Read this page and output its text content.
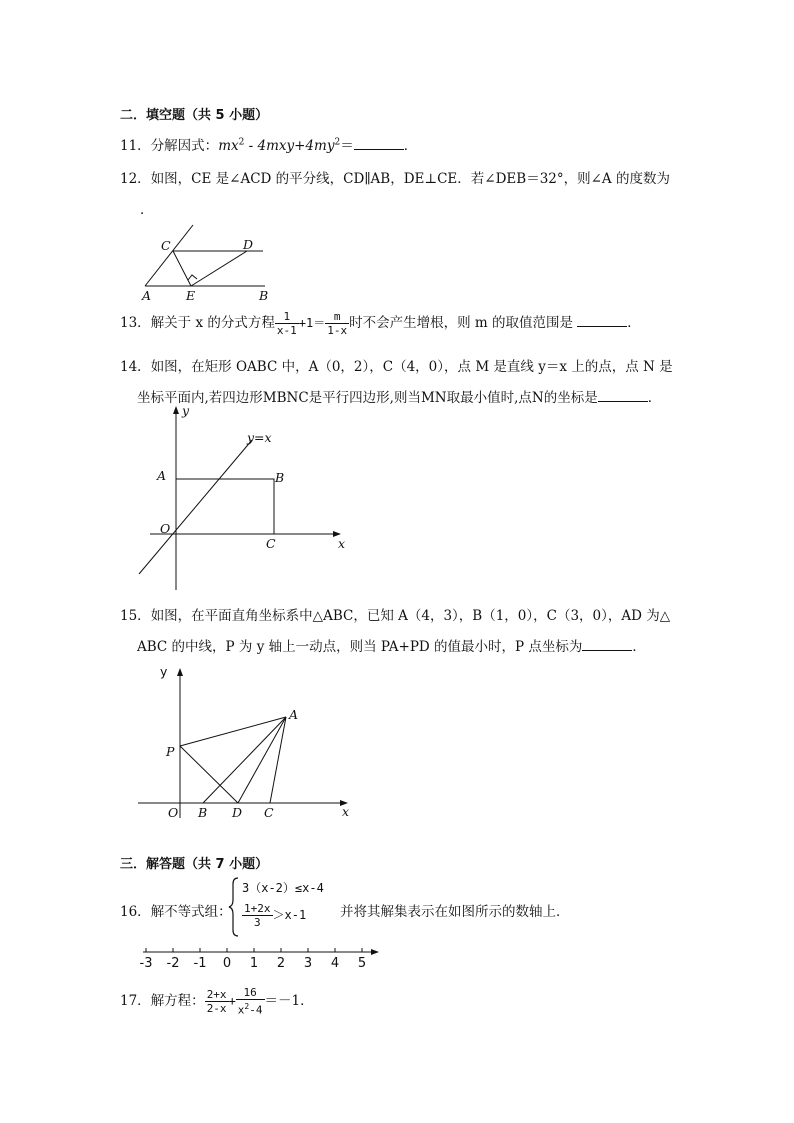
二．填空题（共 5 小题）
11．分解因式：$mx^2 - 4mxy+4my^2=$	．
12．如图，CE 是∠ACD 的平分线，CD∥AB，DE⊥CE．若∠DEB＝32°，则∠A 的度数为
．
C	D
A	E	B
13．解关于 x 的分式方程 $\frac{1}{x-1} +1= \frac{m}{1-x}$ 时不会产生增根，则 m 的取值范围是	．
14．如图，在矩形 OABC 中，A（0，2），C（4，0），点 M 是直线 y＝x 上的点，点 N 是
坐标平面内,若四边形MBNC是平行四边形,则当MN取最小值时,点N的坐标是	．
y
y=x
A	B
O
C	x
15．如图，在平面直角坐标系中△ABC，已知 A（4，3），B（1，0），C（3，0），AD 为△
ABC 的中线，P 为 y 轴上一动点，则当 PA+PD 的值最小时，P 点坐标为	．
y
A
P
O B D C	x
三．解答题（共 7 小题）
16．解不等式组：
3（x-2）≤x-4
$\frac{1+2x}{3} >x-1$	并将其解集表示在如图所示的数轴上．
-3 -2 -1	0	1	2	3	4	5
17．解方程： $\frac{2+x}{2-x} + \frac{16}{x^2-4} =-1$．
